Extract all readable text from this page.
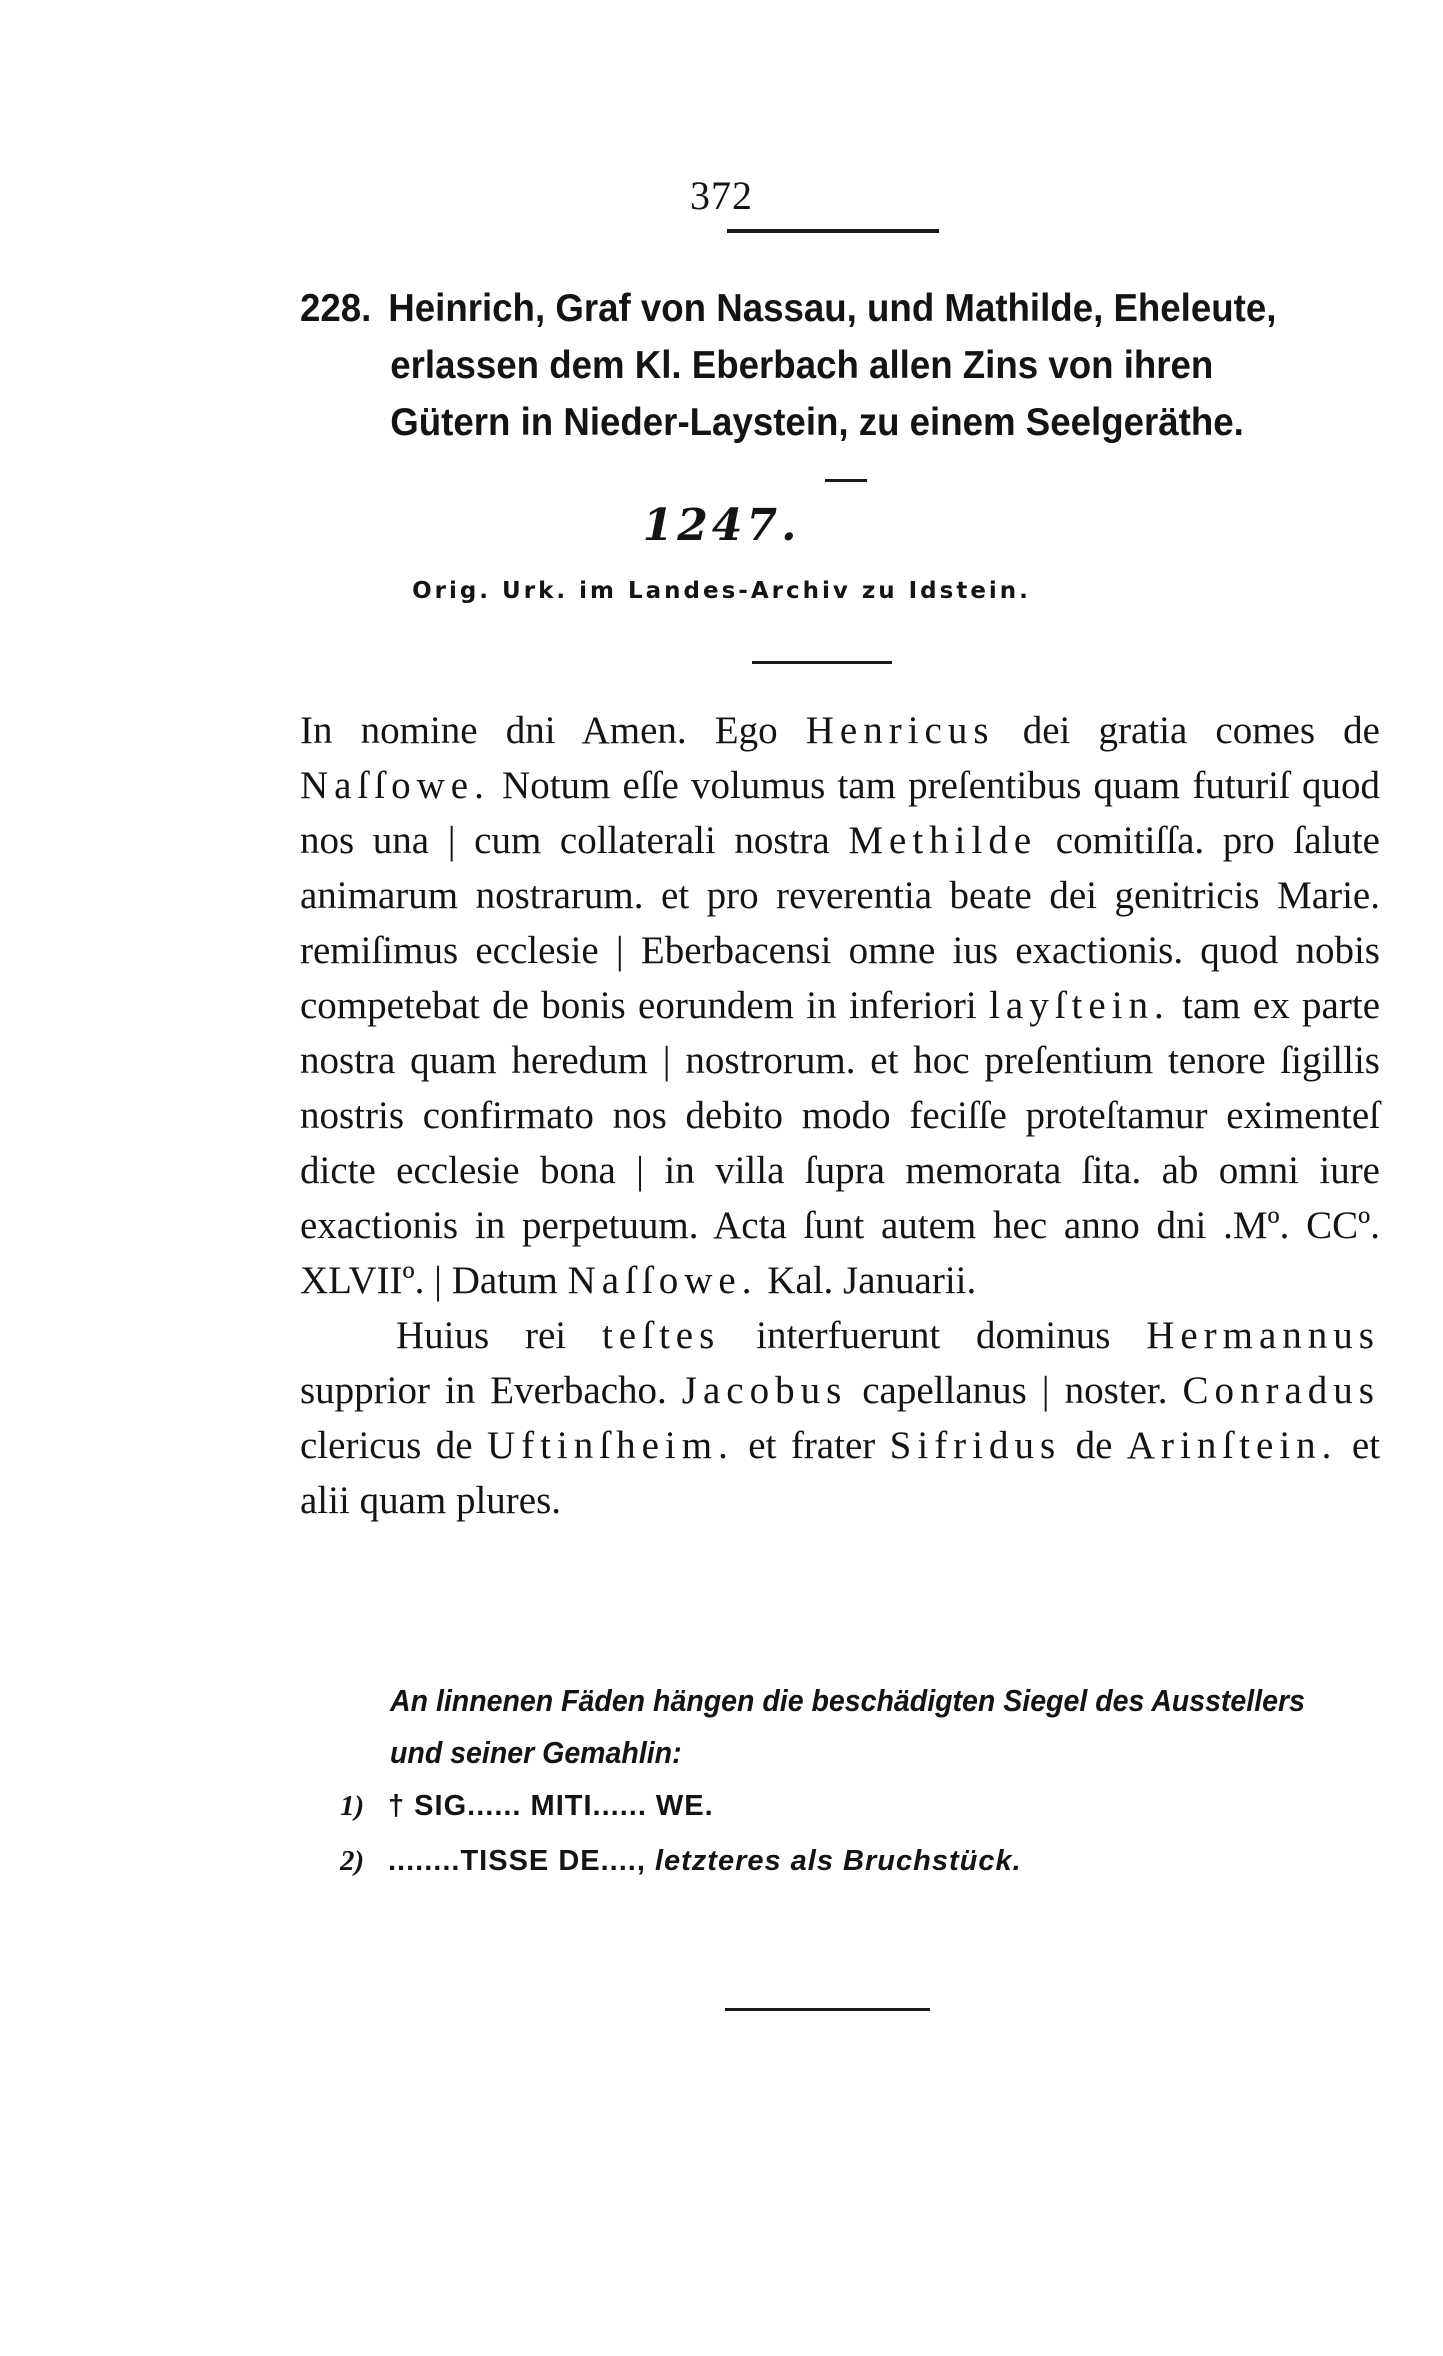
372
228. Heinrich, Graf von Nassau, und Mathilde, Eheleute,
erlassen dem Kl. Eberbach allen Zins von ihren
Gütern in Nieder-Laystein, zu einem Seelgeräthe.
1247.
Orig. Urk. im Landes-Archiv zu Idstein.

In nomine dni Amen. Ego Henricus dei gratia comes de Naſſowe. Notum eſſe volumus tam preſentibus quam futuriſ quod nos una | cum collaterali nostra Methilde comitiſſa. pro ſalute animarum nostrarum. et pro reverentia beate dei genitricis Marie. remiſimus ecclesie | Eberbacensi omne ius exactionis. quod nobis competebat de bonis eorundem in inferiori layſtein. tam ex parte nostra quam heredum | nostrorum. et hoc preſentium tenore ſigillis nostris confirmato nos debito modo feciſſe proteſtamur eximenteſ dicte ecclesie bona | in villa ſupra memorata ſita. ab omni iure exactionis in perpetuum. Acta ſunt autem hec anno dni .Mº. CCº. XLVIIº. | Datum Naſſowe. Kal. Januarii.

Huius rei teſtes interfuerunt dominus Hermannus supprior in Everbacho. Jacobus capellanus | noster. Conradus clericus de Uftinſheim. et frater Sifridus de Arinſtein. et alii quam plures.

An linnenen Fäden hängen die beschädigten Siegel des Ausstellers und seiner Gemahlin:
1) † SIG...... MITI...... WE.
2) ........TISSE DE...., letzteres als Bruchstück.
